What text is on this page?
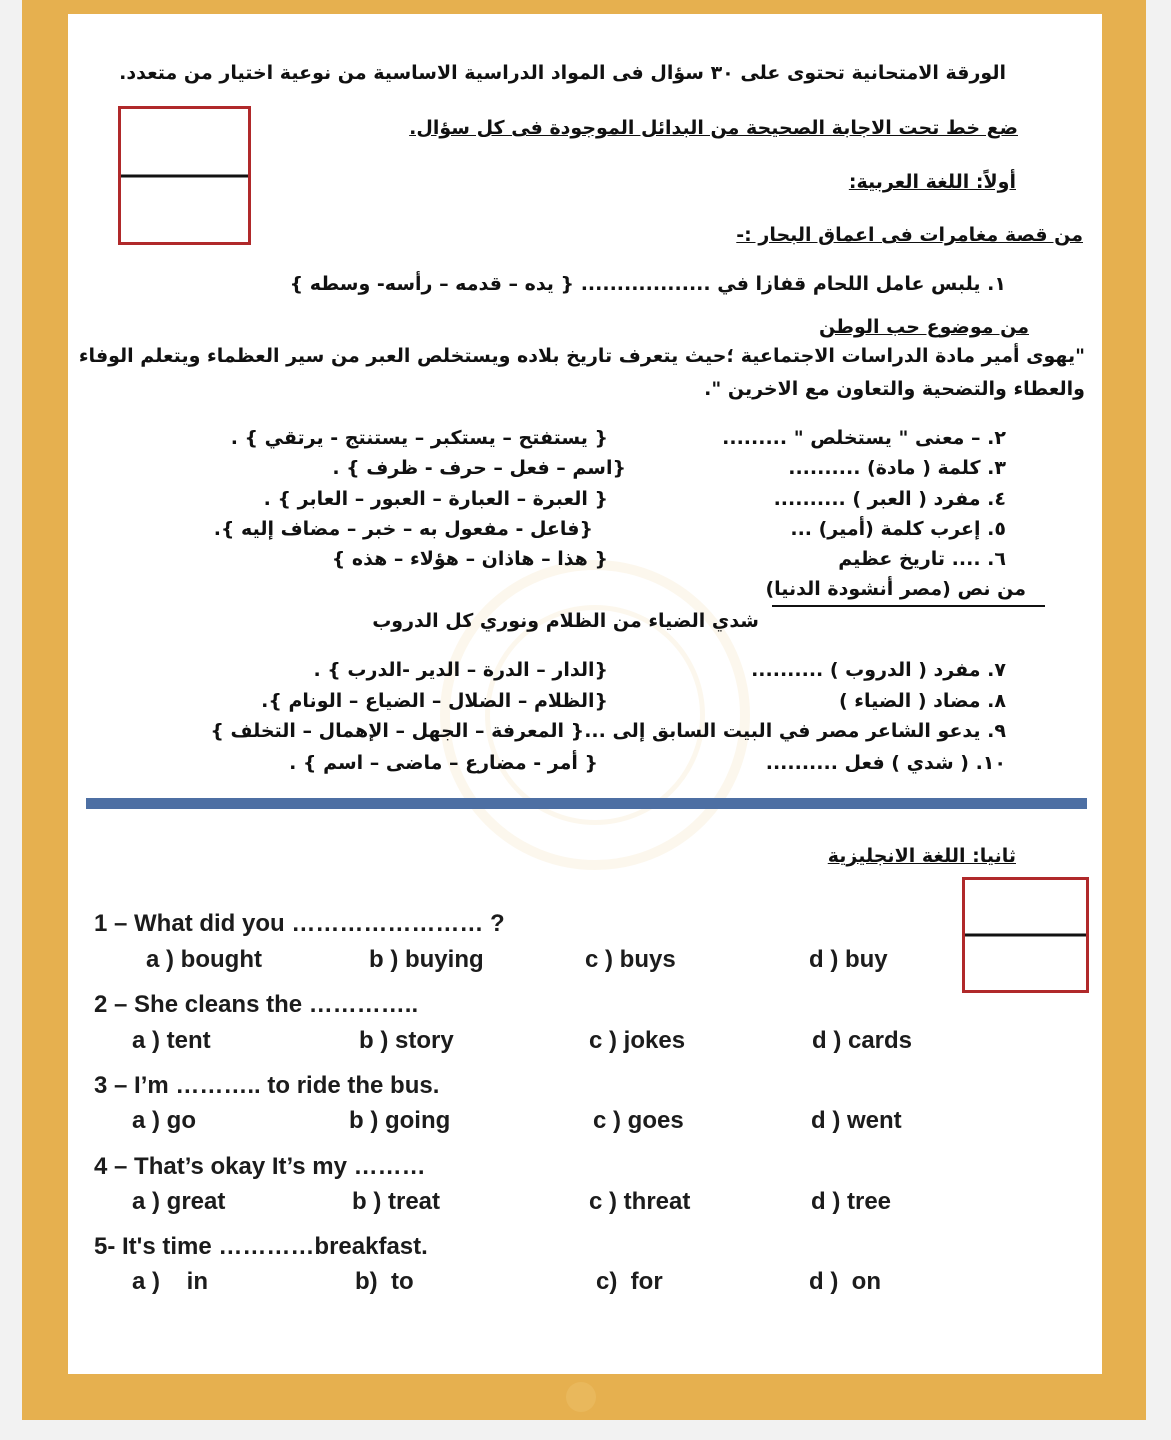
الورقة الامتحانية تحتوى على ٣٠ سؤال فى المواد الدراسية الاساسية من نوعية اختيار من متعدد.
ضع خط تحت الاجابة الصحيحة من البدائل الموجودة فى كل سؤال.
أولاً: اللغة العربية:
من قصة مغامرات فى اعماق البحار :-
١. يلبس عامل اللحام قفازا في .................. { يده – قدمه – رأسه- وسطه }
من موضوع حب الوطن
"يهوى أمير مادة الدراسات الاجتماعية ؛حيث يتعرف تاريخ بلاده ويستخلص العبر من سير العظماء ويتعلم الوفاء
والعطاء والتضحية والتعاون مع الاخرين ".
٢. – معنى " يستخلص " .........
{ يستفتح – يستكبر – يستنتج - يرتقي } .
٣. كلمة ( مادة) ..........
{اسم – فعل – حرف - ظرف } .
٤. مفرد ( العبر ) ..........
{ العبرة – العبارة – العبور – العابر } .
٥. إعرب كلمة (أمير) ...
{فاعل - مفعول به – خبر – مضاف إليه }.
٦. .... تاريخ عظيم
{ هذا – هاذان – هؤلاء – هذه }
من نص (مصر أنشودة الدنيا)
شدي الضياء من الظلام ونوري كل الدروب
٧. مفرد ( الدروب ) ..........
{الدار – الدرة – الدير -الدرب } .
٨. مضاد ( الضياء )
{الظلام – الضلال – الضياع – الونام }.
٩. يدعو الشاعر مصر في البيت السابق إلى ...{ المعرفة – الجهل – الإهمال – التخلف }
١٠. ( شدي ) فعل ..........
{ أمر - مضارع – ماضى – اسم } .
ثانيا: اللغة الانجليزية
1 – What did you …………………… ?
a ) bought	b ) buying	c ) buys	d ) buy
2 – She cleans the …………..
a ) tent	b ) story	c ) jokes	d ) cards
3 – I’m ……….. to ride the bus.
a ) go	b ) going	c ) goes	d ) went
4 – That’s okay It’s my ………
a ) great	b ) treat	c ) threat	d ) tree
5- It's time …………breakfast.
a )    in	b)  to	c)  for	d )  on
